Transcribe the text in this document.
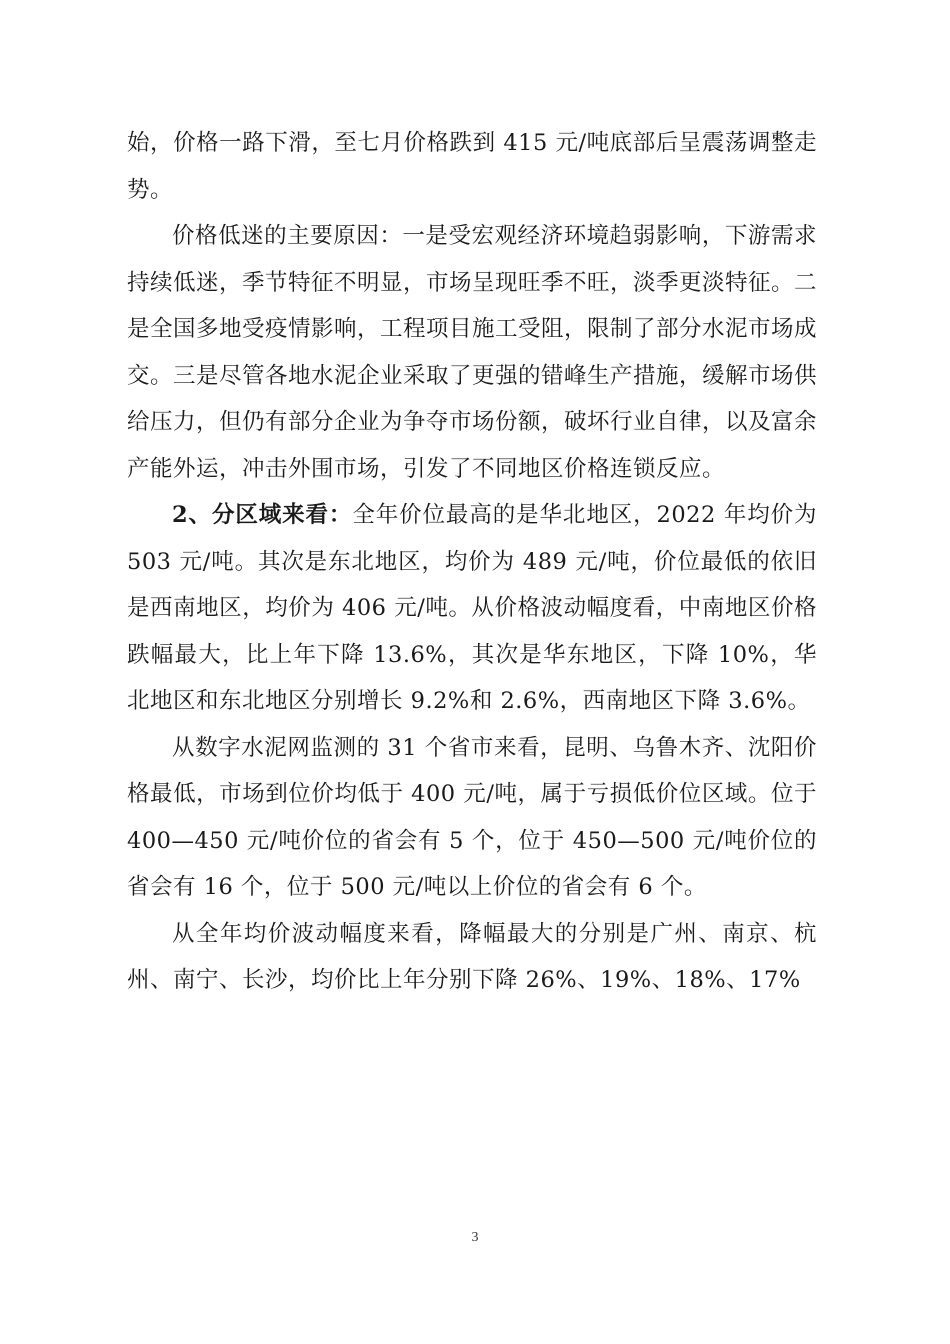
始，价格一路下滑，至七月价格跌到 415 元/吨底部后呈震荡调整走势。

价格低迷的主要原因：一是受宏观经济环境趋弱影响，下游需求持续低迷，季节特征不明显，市场呈现旺季不旺，淡季更淡特征。二是全国多地受疫情影响，工程项目施工受阻，限制了部分水泥市场成交。三是尽管各地水泥企业采取了更强的错峰生产措施，缓解市场供给压力，但仍有部分企业为争夺市场份额，破坏行业自律，以及富余产能外运，冲击外围市场，引发了不同地区价格连锁反应。

2、分区域来看：全年价位最高的是华北地区，2022 年均价为 503 元/吨。其次是东北地区，均价为 489 元/吨，价位最低的依旧是西南地区，均价为 406 元/吨。从价格波动幅度看，中南地区价格跌幅最大，比上年下降 13.6%，其次是华东地区，下降 10%，华北地区和东北地区分别增长 9.2%和 2.6%，西南地区下降 3.6%。

从数字水泥网监测的 31 个省市来看，昆明、乌鲁木齐、沈阳价格最低，市场到位价均低于 400 元/吨，属于亏损低价位区域。位于 400—450 元/吨价位的省会有 5 个，位于 450—500 元/吨价位的省会有 16 个，位于 500 元/吨以上价位的省会有 6 个。

从全年均价波动幅度来看，降幅最大的分别是广州、南京、杭州、南宁、长沙，均价比上年分别下降 26%、19%、18%、17%

3
